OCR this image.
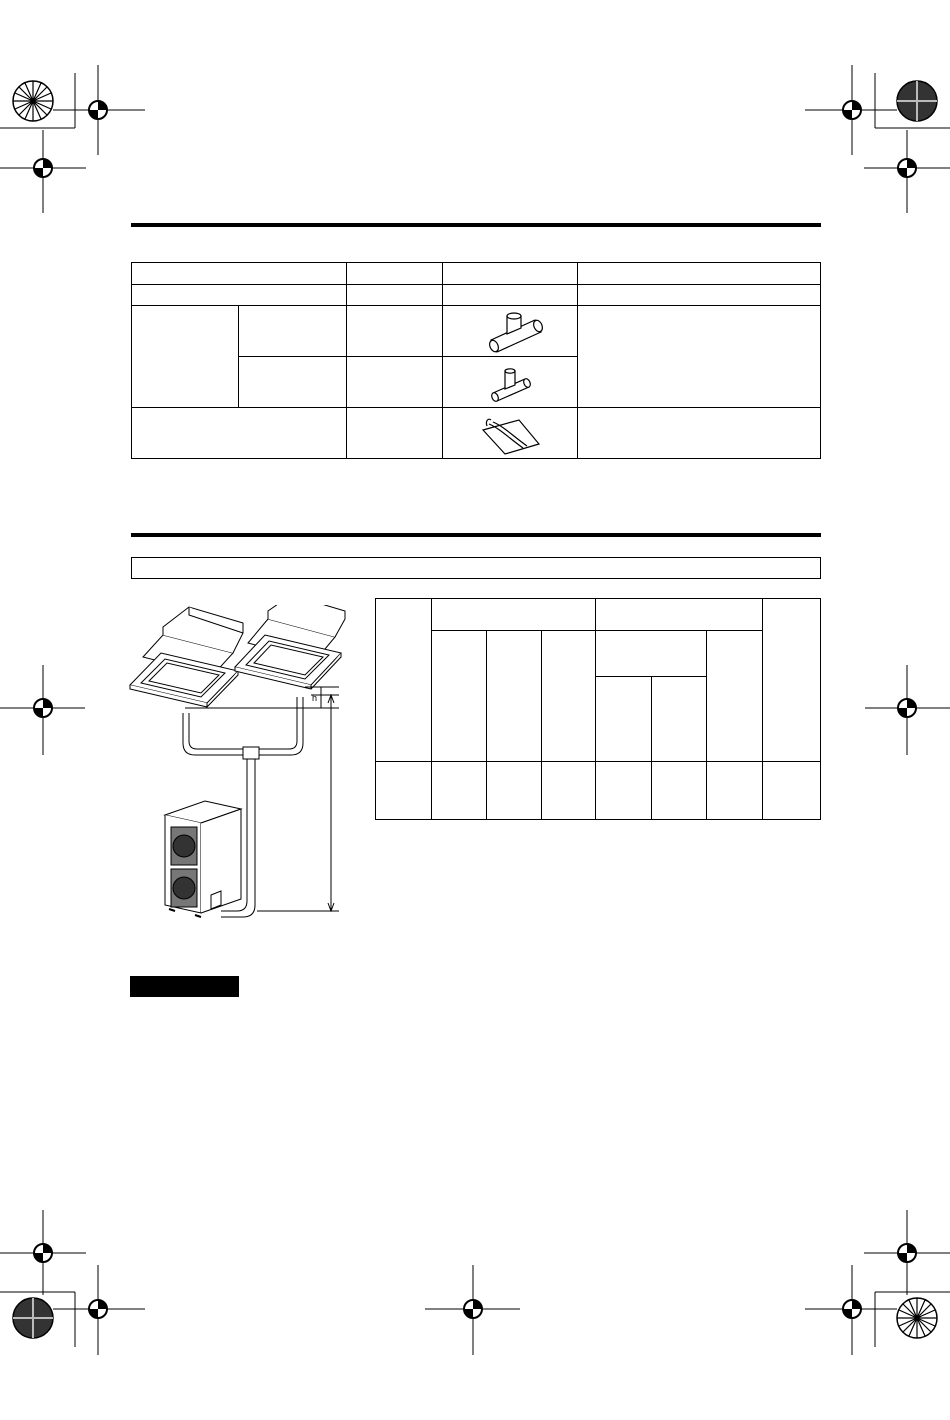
h
